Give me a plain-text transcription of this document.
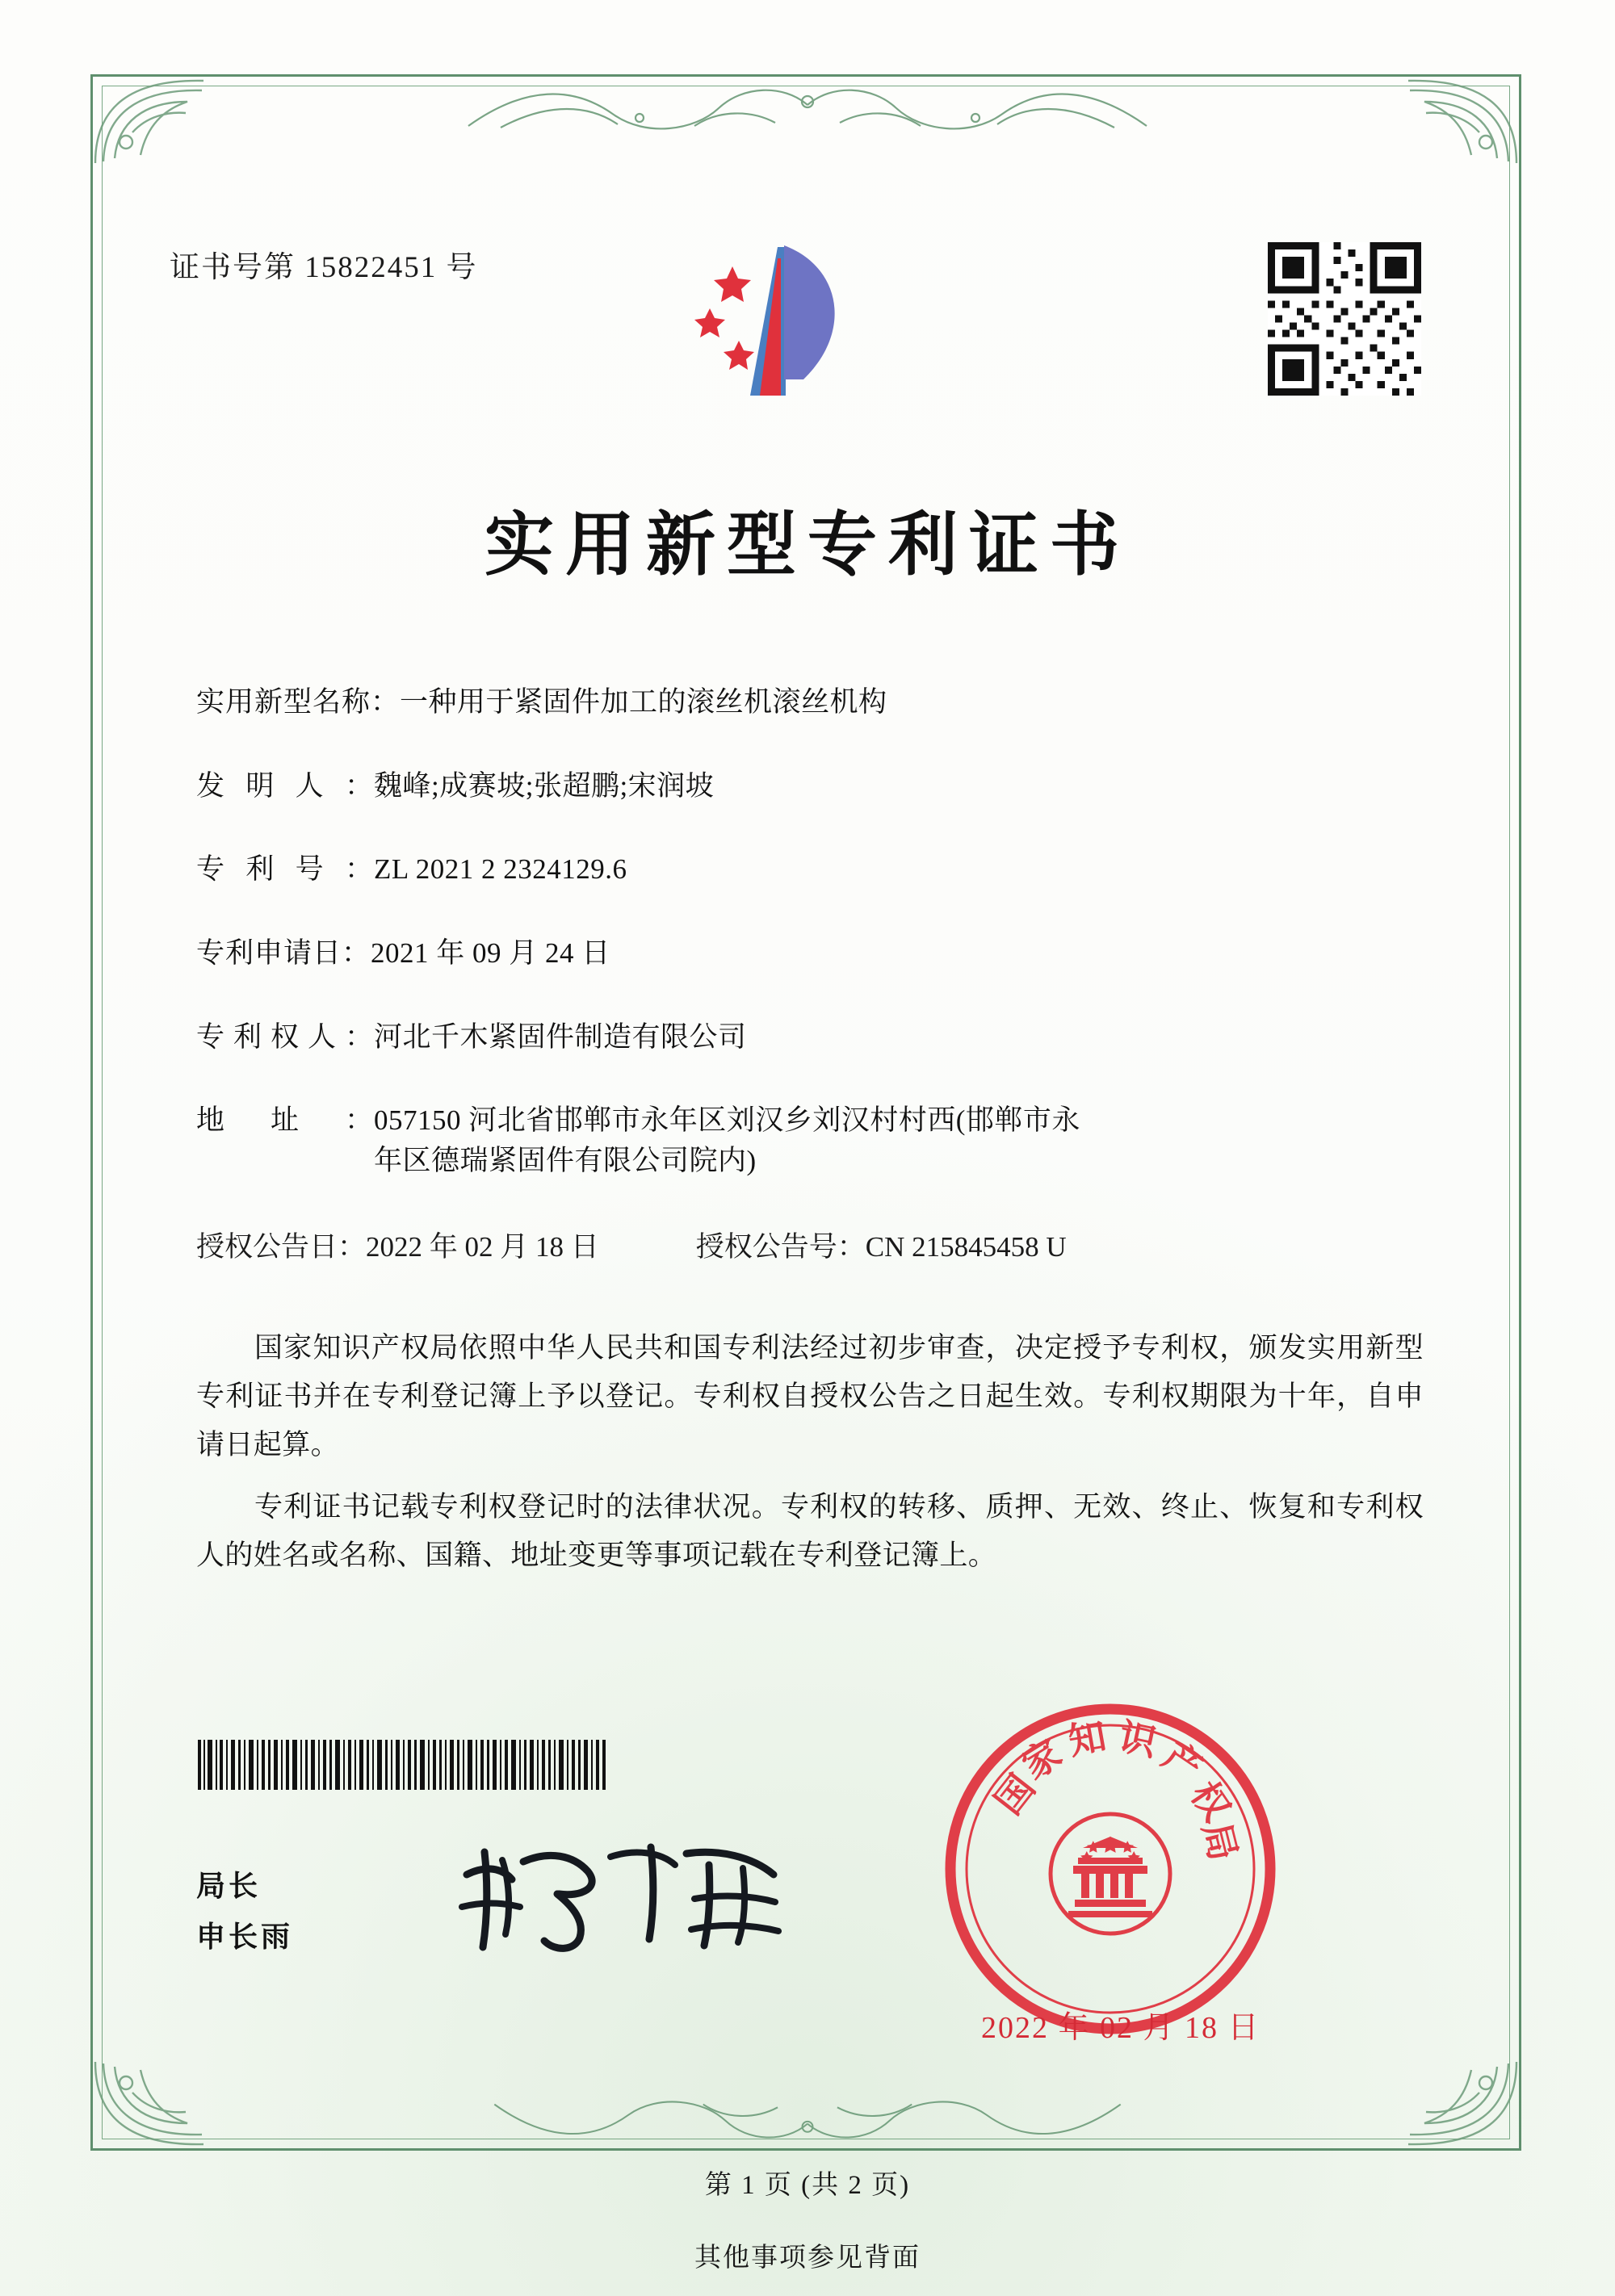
证书号第 15822451 号
实用新型专利证书
实用新型名称： 一种用于紧固件加工的滚丝机滚丝机构
发明人： 魏峰;成赛坡;张超鹏;宋润坡
专利号： ZL 2021 2 2324129.6
专利申请日： 2021 年 09 月 24 日
专利权人： 河北千木紧固件制造有限公司
地址： 057150 河北省邯郸市永年区刘汉乡刘汉村村西(邯郸市永
年区德瑞紧固件有限公司院内)
授权公告日：2022 年 02 月 18 日	授权公告号：CN 215845458 U

国家知识产权局依照中华人民共和国专利法经过初步审查，决定授予专利权，颁发实用新型专利证书并在专利登记簿上予以登记。专利权自授权公告之日起生效。专利权期限为十年，自申请日起算。

专利证书记载专利权登记时的法律状况。专利权的转移、质押、无效、终止、恢复和专利权人的姓名或名称、国籍、地址变更等事项记载在专利登记簿上。

局长
申长雨
国
家
知 识
产
权
局
2022 年 02 月 18 日
第 1 页 (共 2 页)
其他事项参见背面
